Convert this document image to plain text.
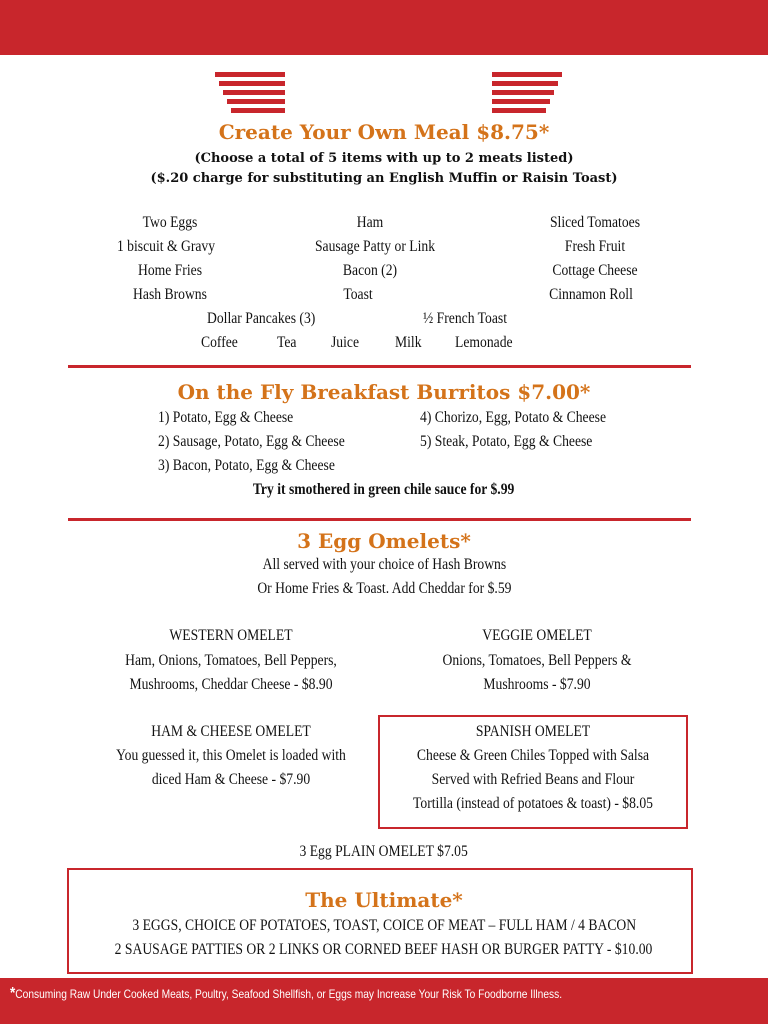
Create Your Own Meal $8.75*
(Choose a total of 5 items with up to 2 meats listed)
($.20 charge for substituting an English Muffin or Raisin Toast)
Two Eggs
1 biscuit & Gravy
Home Fries
Hash Browns
Ham
Sausage Patty or Link
Bacon (2)
Toast
Sliced Tomatoes
Fresh Fruit
Cottage Cheese
Cinnamon Roll
Dollar Pancakes (3)	½ French Toast
Coffee	Tea Juice Milk Lemonade
On the Fly Breakfast Burritos $7.00*
1) Potato, Egg & Cheese
2) Sausage, Potato, Egg & Cheese
3) Bacon, Potato, Egg & Cheese
4) Chorizo, Egg, Potato & Cheese
5) Steak, Potato, Egg & Cheese
Try it smothered in green chile sauce for $.99
3 Egg Omelets*
All served with your choice of Hash Browns
Or Home Fries & Toast. Add Cheddar for $.59
WESTERN OMELET
Ham, Onions, Tomatoes, Bell Peppers,
Mushrooms, Cheddar Cheese - $8.90
VEGGIE OMELET
Onions, Tomatoes, Bell Peppers &
Mushrooms - $7.90
HAM & CHEESE OMELET
You guessed it, this Omelet is loaded with
diced Ham & Cheese - $7.90
SPANISH OMELET
Cheese & Green Chiles Topped with Salsa
Served with Refried Beans and Flour
Tortilla (instead of potatoes & toast) - $8.05
3 Egg PLAIN OMELET $7.05
The Ultimate*
3 EGGS, CHOICE OF POTATOES, TOAST, COICE OF MEAT – FULL HAM / 4 BACON
2 SAUSAGE PATTIES OR 2 LINKS OR CORNED BEEF HASH OR BURGER PATTY - $10.00
*Consuming Raw Under Cooked Meats, Poultry, Seafood Shellfish, or Eggs may Increase Your Risk To Foodborne Illness.
